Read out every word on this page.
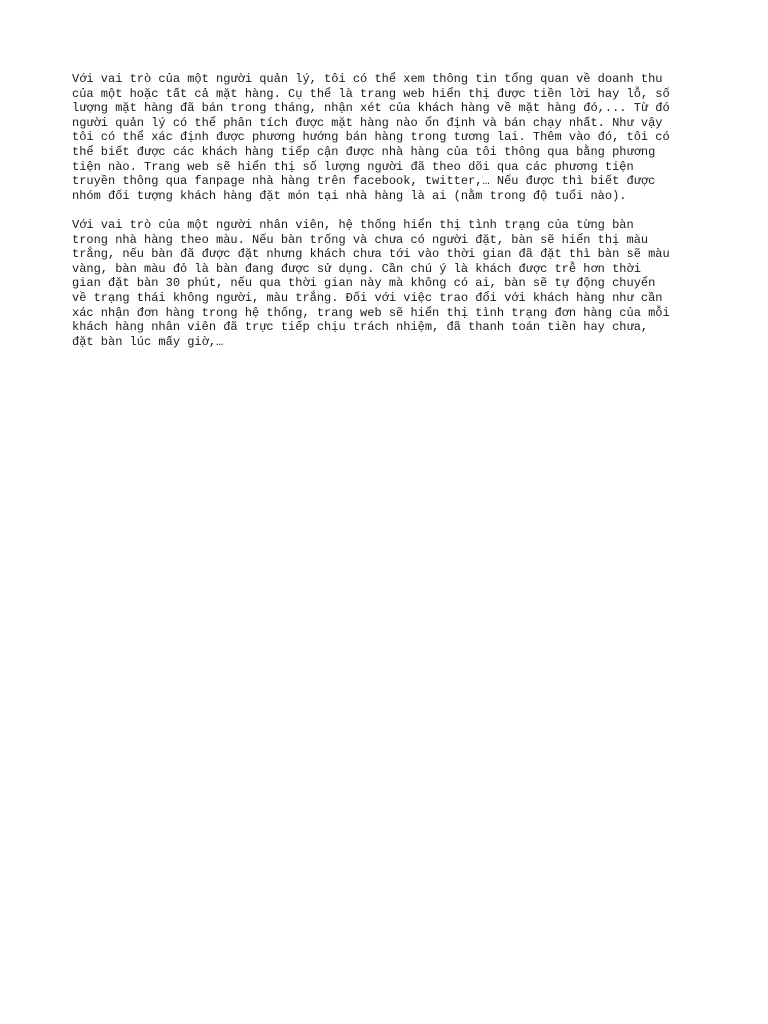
Với vai trò của một người quản lý, tôi có thể xem thông tin tổng quan về doanh thu
của một hoặc tất cả mặt hàng. Cụ thể là trang web hiển thị được tiền lời hay lỗ, số
lượng mặt hàng đã bán trong tháng, nhận xét của khách hàng về mặt hàng đó,... Từ đó
người quản lý có thể phân tích được mặt hàng nào ổn định và bán chạy nhất. Như vậy
tôi có thể xác định được phương hướng bán hàng trong tương lai. Thêm vào đó, tôi có
thể biết được các khách hàng tiếp cận được nhà hàng của tôi thông qua bằng phương
tiện nào. Trang web sẽ hiển thị số lượng người đã theo dõi qua các phương tiện
truyền thông qua fanpage nhà hàng trên facebook, twitter,… Nếu được thì biết được
nhóm đối tượng khách hàng đặt món tại nhà hàng là ai (nằm trong độ tuổi nào).

Với vai trò của một người nhân viên, hệ thống hiển thị tình trạng của từng bàn
trong nhà hàng theo màu. Nếu bàn trống và chưa có người đặt, bàn sẽ hiển thị màu
trắng, nếu bàn đã được đặt nhưng khách chưa tới vào thời gian đã đặt thì bàn sẽ màu
vàng, bàn màu đỏ là bàn đang được sử dụng. Cần chú ý là khách được trễ hơn thời
gian đặt bàn 30 phút, nếu qua thời gian này mà không có ai, bàn sẽ tự động chuyển
về trạng thái không người, màu trắng. Đối với việc trao đổi với khách hàng như cần
xác nhận đơn hàng trong hệ thống, trang web sẽ hiển thị tình trạng đơn hàng của mỗi
khách hàng nhân viên đã trực tiếp chịu trách nhiệm, đã thanh toán tiền hay chưa,
đặt bàn lúc mấy giờ,…
